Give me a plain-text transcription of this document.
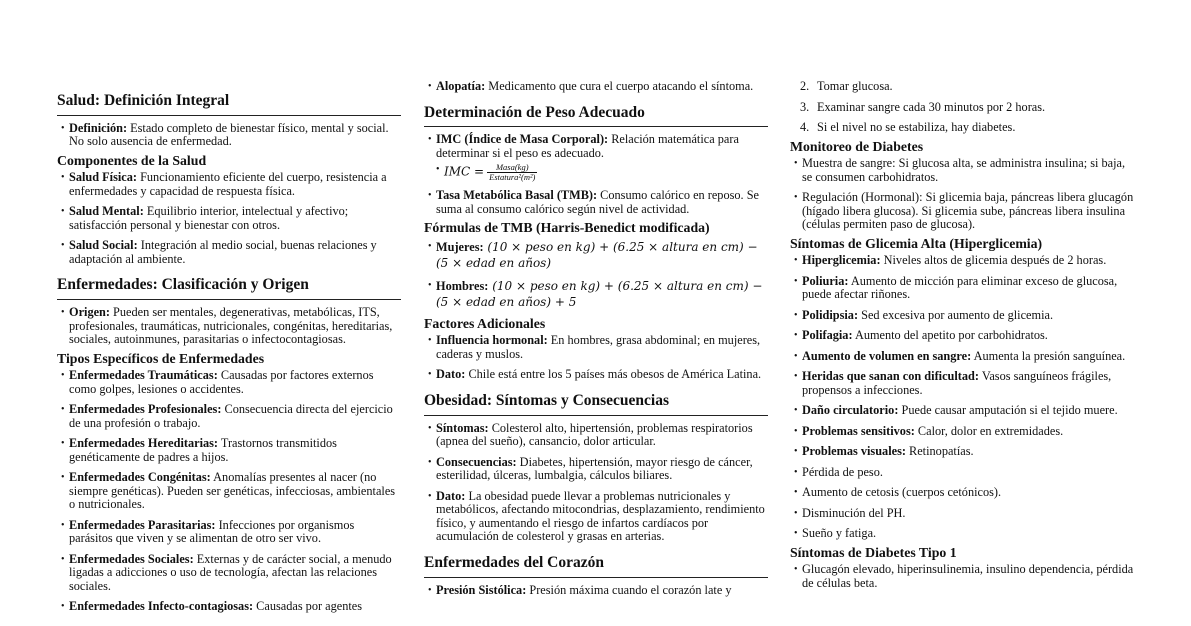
Salud: Definición Integral
• Definición: Estado completo de bienestar físico, mental y social. No solo ausencia de enfermedad.
Componentes de la Salud
• Salud Física: Funcionamiento eficiente del cuerpo, resistencia a enfermedades y capacidad de respuesta física.
• Salud Mental: Equilibrio interior, intelectual y afectivo; satisfacción personal y bienestar con otros.
• Salud Social: Integración al medio social, buenas relaciones y adaptación al ambiente.
Enfermedades: Clasificación y Origen
• Origen: Pueden ser mentales, degenerativas, metabólicas, ITS, profesionales, traumáticas, nutricionales, congénitas, hereditarias, sociales, autoinmunes, parasitarias o infectocontagiosas.
Tipos Específicos de Enfermedades
• Enfermedades Traumáticas: Causadas por factores externos como golpes, lesiones o accidentes.
• Enfermedades Profesionales: Consecuencia directa del ejercicio de una profesión o trabajo.
• Enfermedades Hereditarias: Trastornos transmitidos genéticamente de padres a hijos.
• Enfermedades Congénitas: Anomalías presentes al nacer (no siempre genéticas). Pueden ser genéticas, infecciosas, ambientales o nutricionales.
• Enfermedades Parasitarias: Infecciones por organismos parásitos que viven y se alimentan de otro ser vivo.
• Enfermedades Sociales: Externas y de carácter social, a menudo ligadas a adicciones o uso de tecnología, afectan las relaciones sociales.
• Enfermedades Infecto-contagiosas: Causadas por agentes
• Alopatía: Medicamento que cura el cuerpo atacando el síntoma.
Determinación de Peso Adecuado
• IMC (Índice de Masa Corporal): Relación matemática para determinar si el peso es adecuado.
• IMC = $\frac{\text{Masa(kg)}}{\text{Estatura²(m²)}}$
• Tasa Metabólica Basal (TMB): Consumo calórico en reposo. Se suma al consumo calórico según nivel de actividad.
Fórmulas de TMB (Harris-Benedict modificada)
• Mujeres: (10 × peso en kg) + (6.25 × altura en cm) −
(5 × edad en años)
• Hombres: (10 × peso en kg) + (6.25 × altura en cm) −
(5 × edad en años) + 5
Factores Adicionales
• Influencia hormonal: En hombres, grasa abdominal; en mujeres, caderas y muslos.
• Dato: Chile está entre los 5 países más obesos de América Latina.
Obesidad: Síntomas y Consecuencias
• Síntomas: Colesterol alto, hipertensión, problemas respiratorios (apnea del sueño), cansancio, dolor articular.
• Consecuencias: Diabetes, hipertensión, mayor riesgo de cáncer, esterilidad, úlceras, lumbalgia, cálculos biliares.
• Dato: La obesidad puede llevar a problemas nutricionales y metabólicos, afectando mitocondrias, desplazamiento, rendimiento físico, y aumentando el riesgo de infartos cardíacos por acumulación de colesterol y grasas en arterias.
Enfermedades del Corazón
• Presión Sistólica: Presión máxima cuando el corazón late y
2. Tomar glucosa.
3. Examinar sangre cada 30 minutos por 2 horas.
4. Si el nivel no se estabiliza, hay diabetes.
Monitoreo de Diabetes
• Muestra de sangre: Si glucosa alta, se administra insulina; si baja, se consumen carbohidratos.
• Regulación (Hormonal): Si glicemia baja, páncreas libera glucagón (hígado libera glucosa). Si glicemia sube, páncreas libera insulina (células permiten paso de glucosa).
Síntomas de Glicemia Alta (Hiperglicemia)
• Hiperglicemia: Niveles altos de glicemia después de 2 horas.
• Poliuria: Aumento de micción para eliminar exceso de glucosa, puede afectar riñones.
• Polidipsia: Sed excesiva por aumento de glicemia.
• Polifagia: Aumento del apetito por carbohidratos.
• Aumento de volumen en sangre: Aumenta la presión sanguínea.
• Heridas que sanan con dificultad: Vasos sanguíneos frágiles, propensos a infecciones.
• Daño circulatorio: Puede causar amputación si el tejido muere.
• Problemas sensitivos: Calor, dolor en extremidades.
• Problemas visuales: Retinopatías.
• Pérdida de peso.
• Aumento de cetosis (cuerpos cetónicos).
• Disminución del PH.
• Sueño y fatiga.
Síntomas de Diabetes Tipo 1
• Glucagón elevado, hiperinsulinemia, insulino dependencia, pérdida de células beta.
